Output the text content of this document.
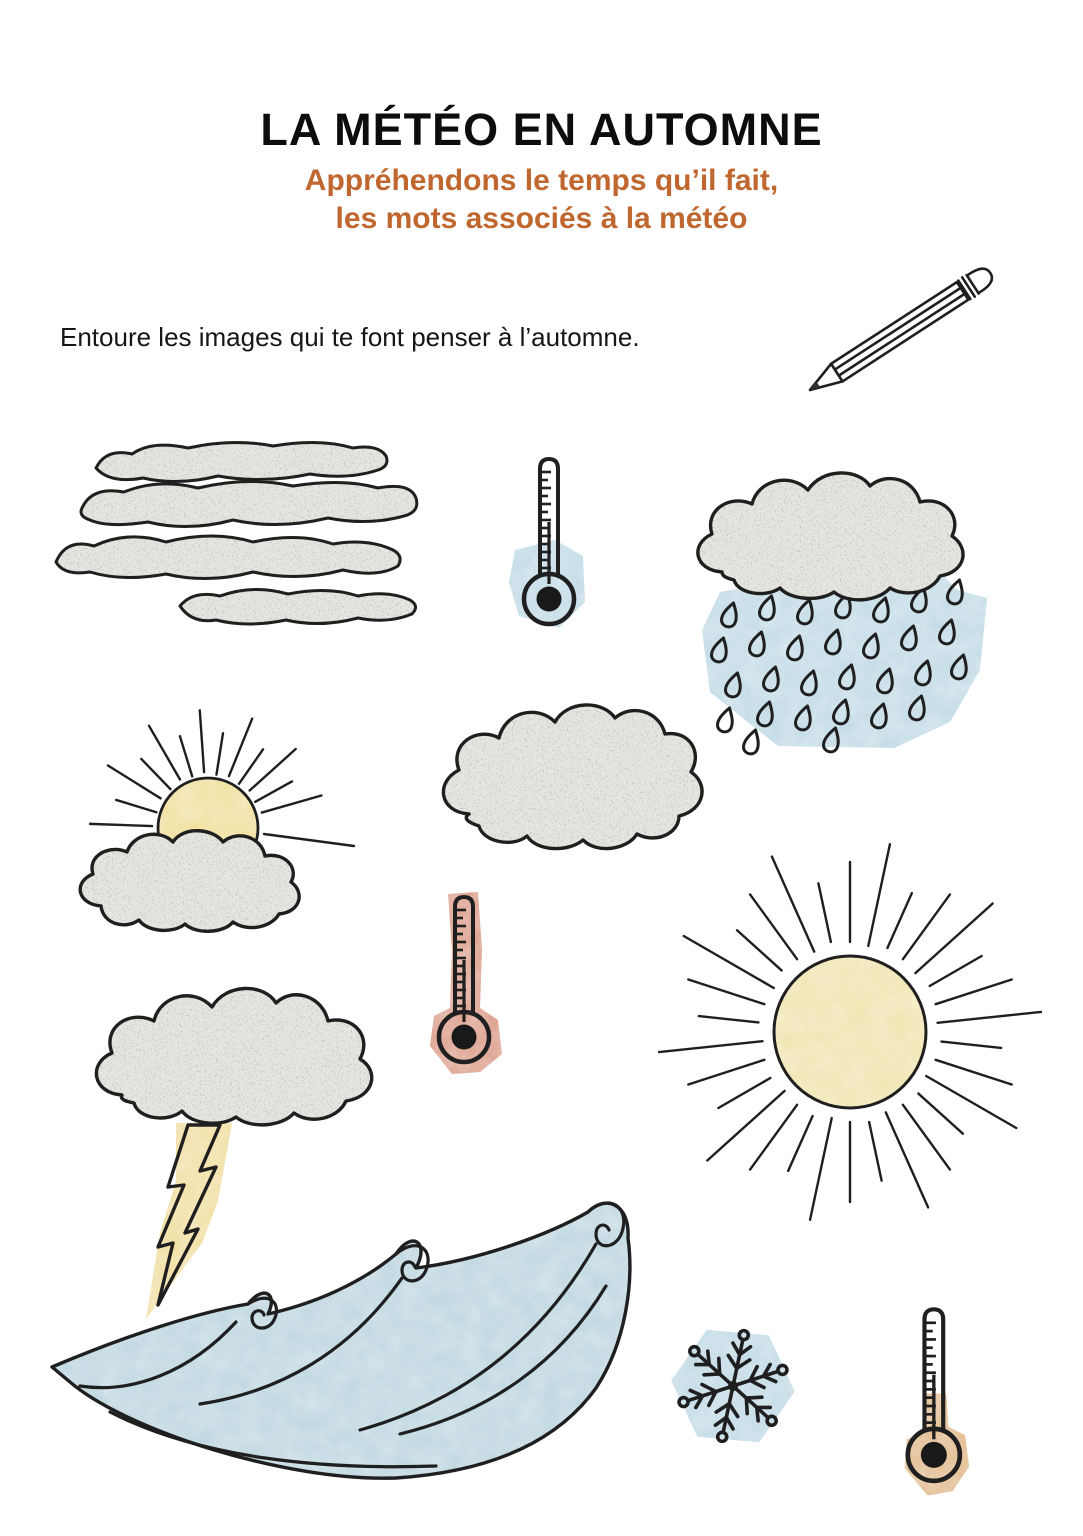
LA MÉTÉO EN AUTOMNE
Appréhendons le temps qu’il fait,
les mots associés à la météo

Entoure les images qui te font penser à l’automne.
